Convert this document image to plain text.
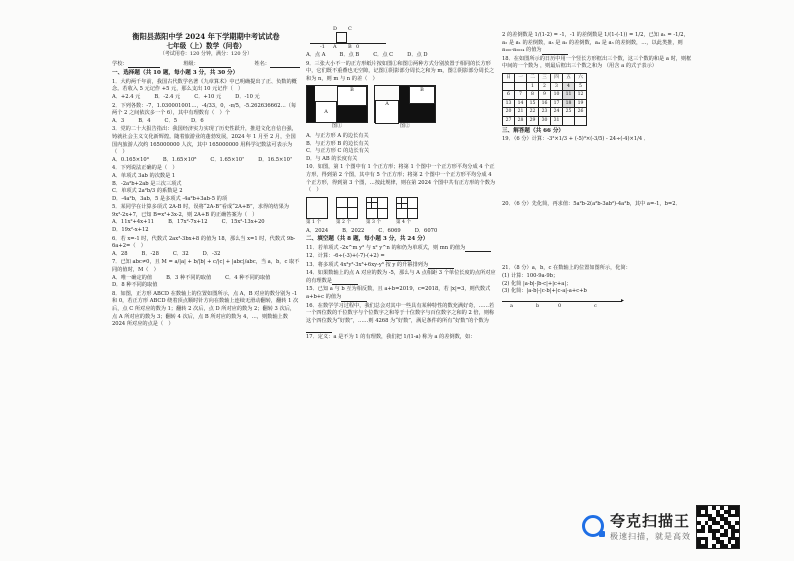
衡阳县蒸阳中学 2024 年下学期期中考试试卷
七年级（上）数学（问卷）
（考试用卷：120 分钟，满分：120 分）
学校：	班级：	姓名：
一、选择题（共 10 题，每小题 3 分，共 30 分）
1．大约两千年前，我国古代数学名著《九章算术》中已明确提出了正、负数的概念。若收入 5 元记作 +5 元，那么支出 10 元记作（　）
A．+2.4 元	B．-2.4 元	C．+10 元	D．-10 元
2．下列各数：-7，1.030001001…，-4/33，0，-π/5，-5.262636662…（每两个 2 之间依次多一个 6），其中有理数有（　）个
A．3	B．4	C．5	D．6
3．党的二十大报告指出：我国经济实力实现了历史性跃升，推进文化自信自强，铸就社会主义文化新辉煌。随着旅游业的蓬勃发展，2024 年 1 月至 2 月，全国国内旅游人次约 165000000 人次，其中 165000000 用科学记数法可表示为（　）
A．0.165×10⁹	B．1.65×10⁸	C．1.65×10⁷	D．16.5×10⁷
4．下列说法正确的是（　）
A．单项式 3ab 的次数是 1
B．-2a²b+2ab 是三次三项式
C．单项式 2a²b/3 的系数是 2
D．-4a²b，3ab，5 是多项式 -4a²b+3ab-5 的项
5．某同学在计算多项式 2A-B 时，误将“2A-B”看成“2A+B”，求得的结果为 9x²-2x+7，已知 B=x²+3x-2，则 2A+B 的正确答案为（　）
A．11x²+4x+11	B．17x²-7x+12	C．15x²-13x+20
D．19x²-x+12
6．若 x=-1 时，代数式 2ax³-3bx+8 的值为 18，那么当 x=1 时，代数式 9b-6a+2=（　）
A．28	B．-28	C．32	D．-32
7．已知 abc≠0，且 M = a/|a| + b/|b| + c/|c| + |abc|/abc，当 a，b，c 取不同的值时，M（　）
A．唯一确定的值	B．3 种不同的取值	C．4 种不同的取值
D．8 种不同的取值
8．如图，正方形 ABCD 在数轴上的位置如图所示，点 A，B 对应的数分别为 -1 和 0，若正方形 ABCD 绕着顶点顺时针方向在数轴上连续无滑动翻转，翻转 1 次后，点 C 所对应的数为 1；翻转 2 次后，点 D 所对应的数为 2；翻转 3 次后，点 A 所对应的数为 3；翻转 4 次后，点 B 所对应的数为 4，…，则数轴上数 2024 所对应的点是（　）
D C
A B
-1	0
A．点 A	B．点 B	C．点 C	D．点 D
9．三张大小不一的正方形纸片按如图①和图②两种方式分别放置于相同的长方形中，它们既不重叠也无空隙，记图①阴影部分周长之和为 m，图②阴影部分周长之和为 n，则 m 与 n 的差（　）
A
B
图①
A
B
图②
A．与正方形 A 的边长有关
B．与正方形 B 的边长有关
C．与正方形 C 的边长有关
D．与 AB 的长度有关
10．如图，第 1 个图中有 1 个正方形；将第 1 个图中一个正方形平均分成 4 个正方形，得到第 2 个图，其中有 5 个正方形；将第 2 个图中一个正方形平均分成 4 个正方形，得到第 3 个图，…按此规律，则在第 2024 个图中共有正方形的个数为（　）
第 1 个	第 2 个	第 3 个	第 4 个
A．2024	B．2022	C．6069	D．6070
二、填空题（共 8 题，每小题 3 分，共 24 分）
11．若单项式 -2x^m y³ 与 x² y^n 的和仍为单项式，则 mn 的值为
12．计算：-6÷(-3)+(-7)-(+2) =
13．将多项式 4x²y²-3x³+6xy-y³ 按 y 的升幂排列为
14．如果数轴上的点 A 对应的数为 -5，那么与 A 点相距 3 个单位长度的点所对应的有理数是
15．已知 a 与 b 互为相反数，且 a+b=2019，c=2018，若 |x|=3，则代数式 a+b+c 的值为
16．在数学学习过程中，我们总会对其中一些具有某种特性的数充满好奇，……若一个四位数的千位数字与个位数字之和等于十位数字与百位数字之和的 2 倍，则称这个四位数为“好数”，……则 4268 为“好数”，满足条件的所有“好数”的个数为
17．定义：a 是不为 1 的有理数，我们把 1/(1-a) 称为 a 的差倒数，如：
2 的差倒数是 1/(1-2) = -1，-1 的差倒数是 1/(1-(-1)) = 1/2，已知 a₁ = -1/2，a₂ 是 a₁ 的差倒数，a₃ 是 a₂ 的差倒数，a₄ 是 a₃ 的差倒数，…，以此类推，则 a₁₀₀·a₂₀₂₄ 的值为
18．在如图所示的日历中用一个竖长方形框出三个数，这三个数的和是 a 时，则框中间的一个数为 ，则最后框出三个数之和为 （用含 a 的式子表示）
日	一	二	三	四	五	六
		1	2	3	4	5
6	7	8	9	10	11	12
13	14	15	16	17	18	19
20	21	22	23	24	25	26
27	28	29	30	31		
三、解答题（共 66 分）
19．（6 分）计算：-3²×1/3 + (-5)³×(-3/5) - 24÷(-4)×1/4 ．
20．（6 分）先化简，再求值：5a²b-2(a²b-3ab²)-4a²b，其中 a=-1，b=2．
21．（8 分）a，b，c 在数轴上的位置如图所示，化简：
(1) 计算：100-9a-9b；
(2) 化简 |a-b|-|b-c|+|c+a|；
(3) 化简：|a-b|-|c-b|+|c-a|-a+c+b
▸
a	b	0	c
夸克扫描王
极速扫描，就是高效
